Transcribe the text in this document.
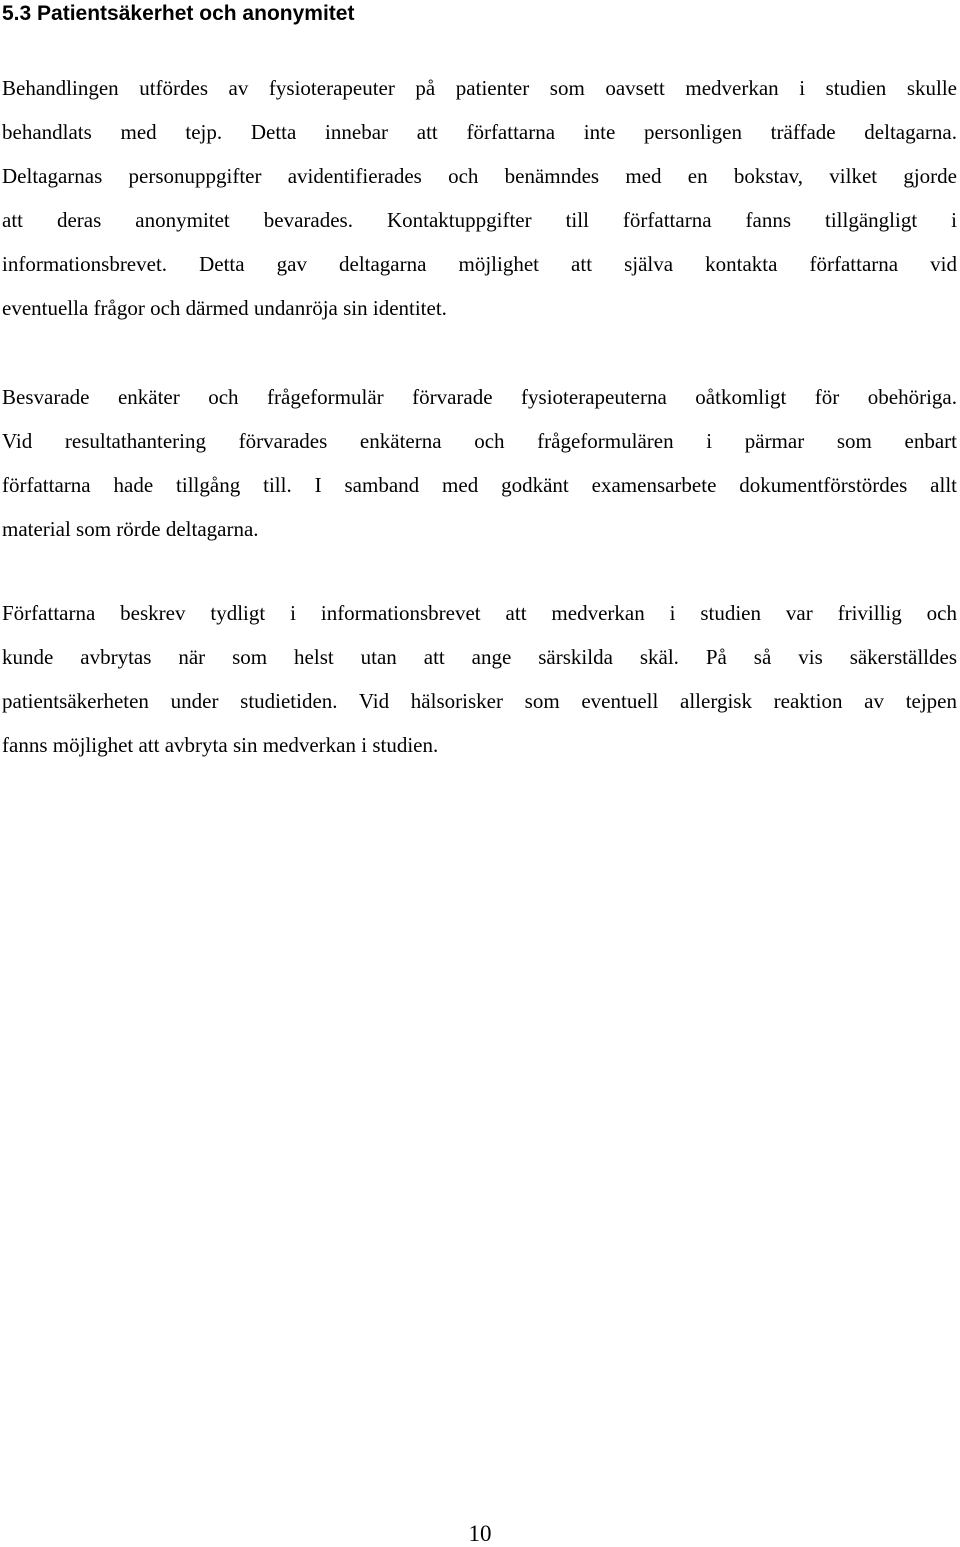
5.3 Patientsäkerhet och anonymitet
Behandlingen utfördes av fysioterapeuter på patienter som oavsett medverkan i studien skulle
behandlats med tejp. Detta innebar att författarna inte personligen träffade deltagarna.
Deltagarnas personuppgifter avidentifierades och benämndes med en bokstav, vilket gjorde
att deras anonymitet bevarades. Kontaktuppgifter till författarna fanns tillgängligt i
informationsbrevet. Detta gav deltagarna möjlighet att själva kontakta författarna vid
eventuella frågor och därmed undanröja sin identitet.
Besvarade enkäter och frågeformulär förvarade fysioterapeuterna oåtkomligt för obehöriga.
Vid resultathantering förvarades enkäterna och frågeformulären i pärmar som enbart
författarna hade tillgång till. I samband med godkänt examensarbete dokumentförstördes allt
material som rörde deltagarna.
Författarna beskrev tydligt i informationsbrevet att medverkan i studien var frivillig och
kunde avbrytas när som helst utan att ange särskilda skäl. På så vis säkerställdes
patientsäkerheten under studietiden. Vid hälsorisker som eventuell allergisk reaktion av tejpen
fanns möjlighet att avbryta sin medverkan i studien.

10
